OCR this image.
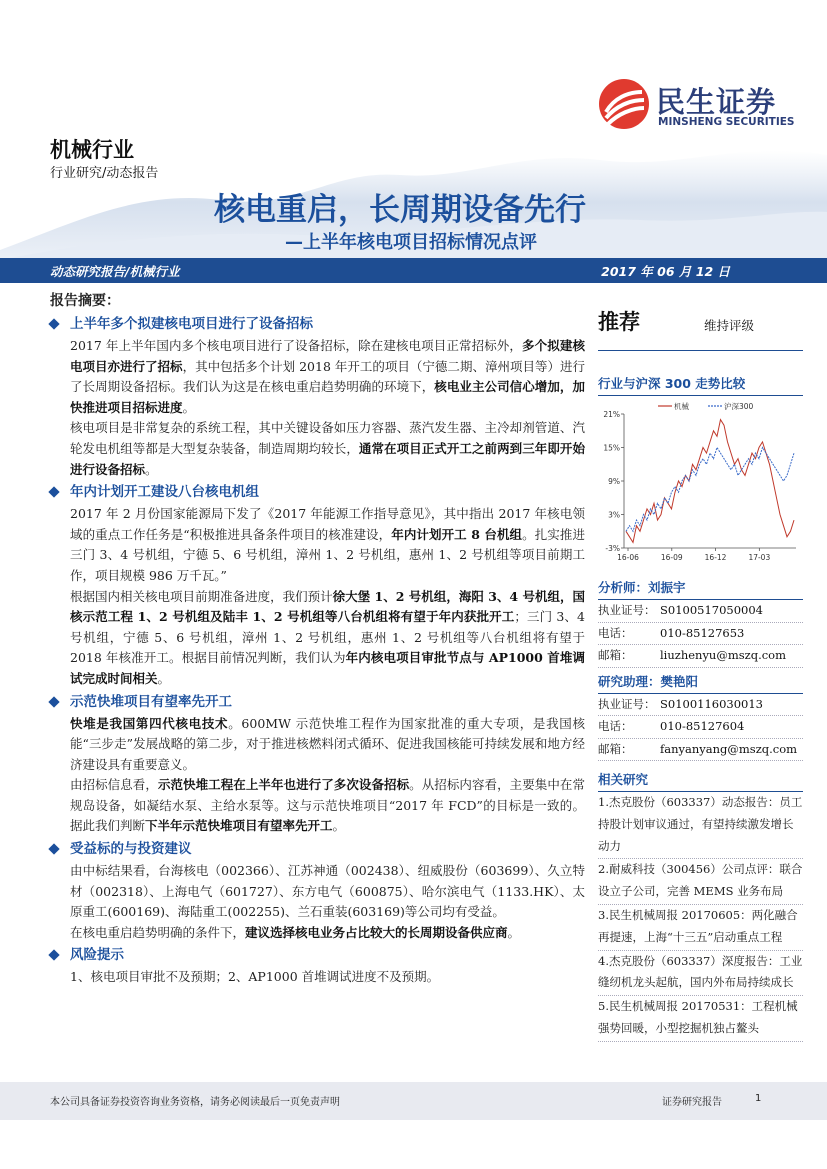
民生证券
MINSHENG SECURITIES
机械行业
行业研究/动态报告
核电重启，长周期设备先行
—上半年核电项目招标情况点评
动态研究报告/机械行业	2017 年 06 月 12 日
报告摘要：
上半年多个拟建核电项目进行了设备招标
2017 年上半年国内多个核电项目进行了设备招标，除在建核电项目正常招标外，多个拟建核电项目亦进行了招标，其中包括多个计划 2018 年开工的项目（宁德二期、漳州项目等）进行了长周期设备招标。我们认为这是在核电重启趋势明确的环境下，核电业主公司信心增加，加快推进项目招标进度。
核电项目是非常复杂的系统工程，其中关键设备如压力容器、蒸汽发生器、主冷却剂管道、汽轮发电机组等都是大型复杂装备，制造周期均较长，通常在项目正式开工之前两到三年即开始进行设备招标。
年内计划开工建设八台核电机组
2017 年 2 月份国家能源局下发了《2017 年能源工作指导意见》，其中指出 2017 年核电领域的重点工作任务是“积极推进具备条件项目的核准建设，年内计划开工 8 台机组。扎实推进三门 3、4 号机组，宁德 5、6 号机组，漳州 1、2 号机组，惠州 1、2 号机组等项目前期工作，项目规模 986 万千瓦。”
根据国内相关核电项目前期准备进度，我们预计徐大堡 1、2 号机组，海阳 3、4 号机组，国核示范工程 1、2 号机组及陆丰 1、2 号机组等八台机组将有望于年内获批开工；三门 3、4 号机组，宁德 5、6 号机组，漳州 1、2 号机组，惠州 1、2 号机组等八台机组将有望于 2018 年核准开工。根据目前情况判断，我们认为年内核电项目审批节点与 AP1000 首堆调试完成时间相关。
示范快堆项目有望率先开工
快堆是我国第四代核电技术。600MW 示范快堆工程作为国家批准的重大专项，是我国核能“三步走”发展战略的第二步，对于推进核燃料闭式循环、促进我国核能可持续发展和地方经济建设具有重要意义。
由招标信息看，示范快堆工程在上半年也进行了多次设备招标。从招标内容看，主要集中在常规岛设备，如凝结水泵、主给水泵等。这与示范快堆项目“2017 年 FCD”的目标是一致的。据此我们判断下半年示范快堆项目有望率先开工。
受益标的与投资建议
由中标结果看，台海核电（002366）、江苏神通（002438）、纽威股份（603699）、久立特材（002318）、上海电气（601727）、东方电气（600875）、哈尔滨电气（1133.HK）、太原重工(600169)、海陆重工(002255)、兰石重装(603169)等公司均有受益。
在核电重启趋势明确的条件下，建议选择核电业务占比较大的长周期设备供应商。
风险提示
1、核电项目审批不及预期；2、AP1000 首堆调试进度不及预期。
推荐	维持评级
行业与沪深 300 走势比较
21%
15%
9%
3%
-3%
16-06	16-09	16-12	17-03
机械	沪深300
分析师：刘振宇
执业证号： S0100517050004
电话：	010-85127653
邮箱：	liuzhenyu@mszq.com
研究助理：樊艳阳
执业证号： S0100116030013
电话：	010-85127604
邮箱：	fanyanyang@mszq.com
相关研究
1.杰克股份（603337）动态报告：员工持股计划审议通过，有望持续激发增长动力
2.耐威科技（300456）公司点评：联合设立子公司，完善 MEMS 业务布局
3.民生机械周报 20170605：两化融合再提速，上海“十三五”启动重点工程
4.杰克股份（603337）深度报告：工业缝纫机龙头起航，国内外布局持续成长
5.民生机械周报 20170531：工程机械强势回暖，小型挖掘机独占鳌头
本公司具备证券投资咨询业务资格，请务必阅读最后一页免责声明	证券研究报告	1
